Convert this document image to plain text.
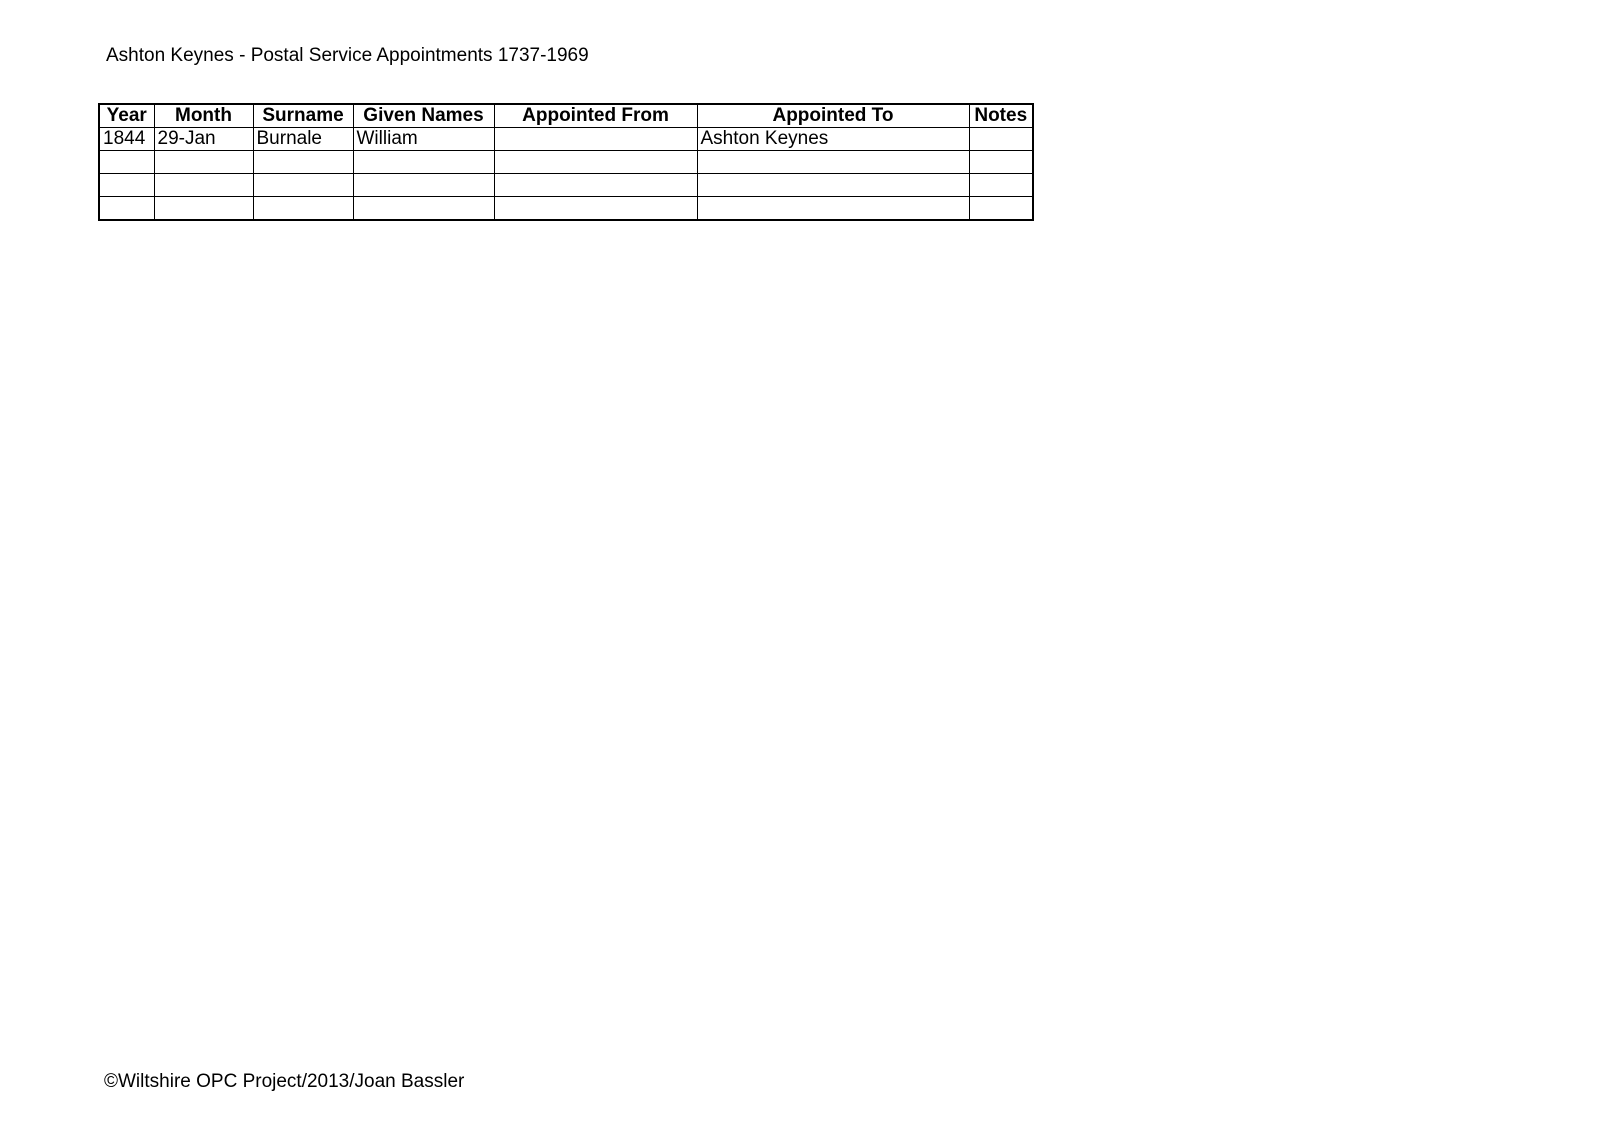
Ashton Keynes - Postal Service Appointments 1737-1969
Year	Month	Surname	Given Names	Appointed From	Appointed To	Notes
1844	29-Jan	Burnale	William		Ashton Keynes	

©Wiltshire OPC Project/2013/Joan Bassler
